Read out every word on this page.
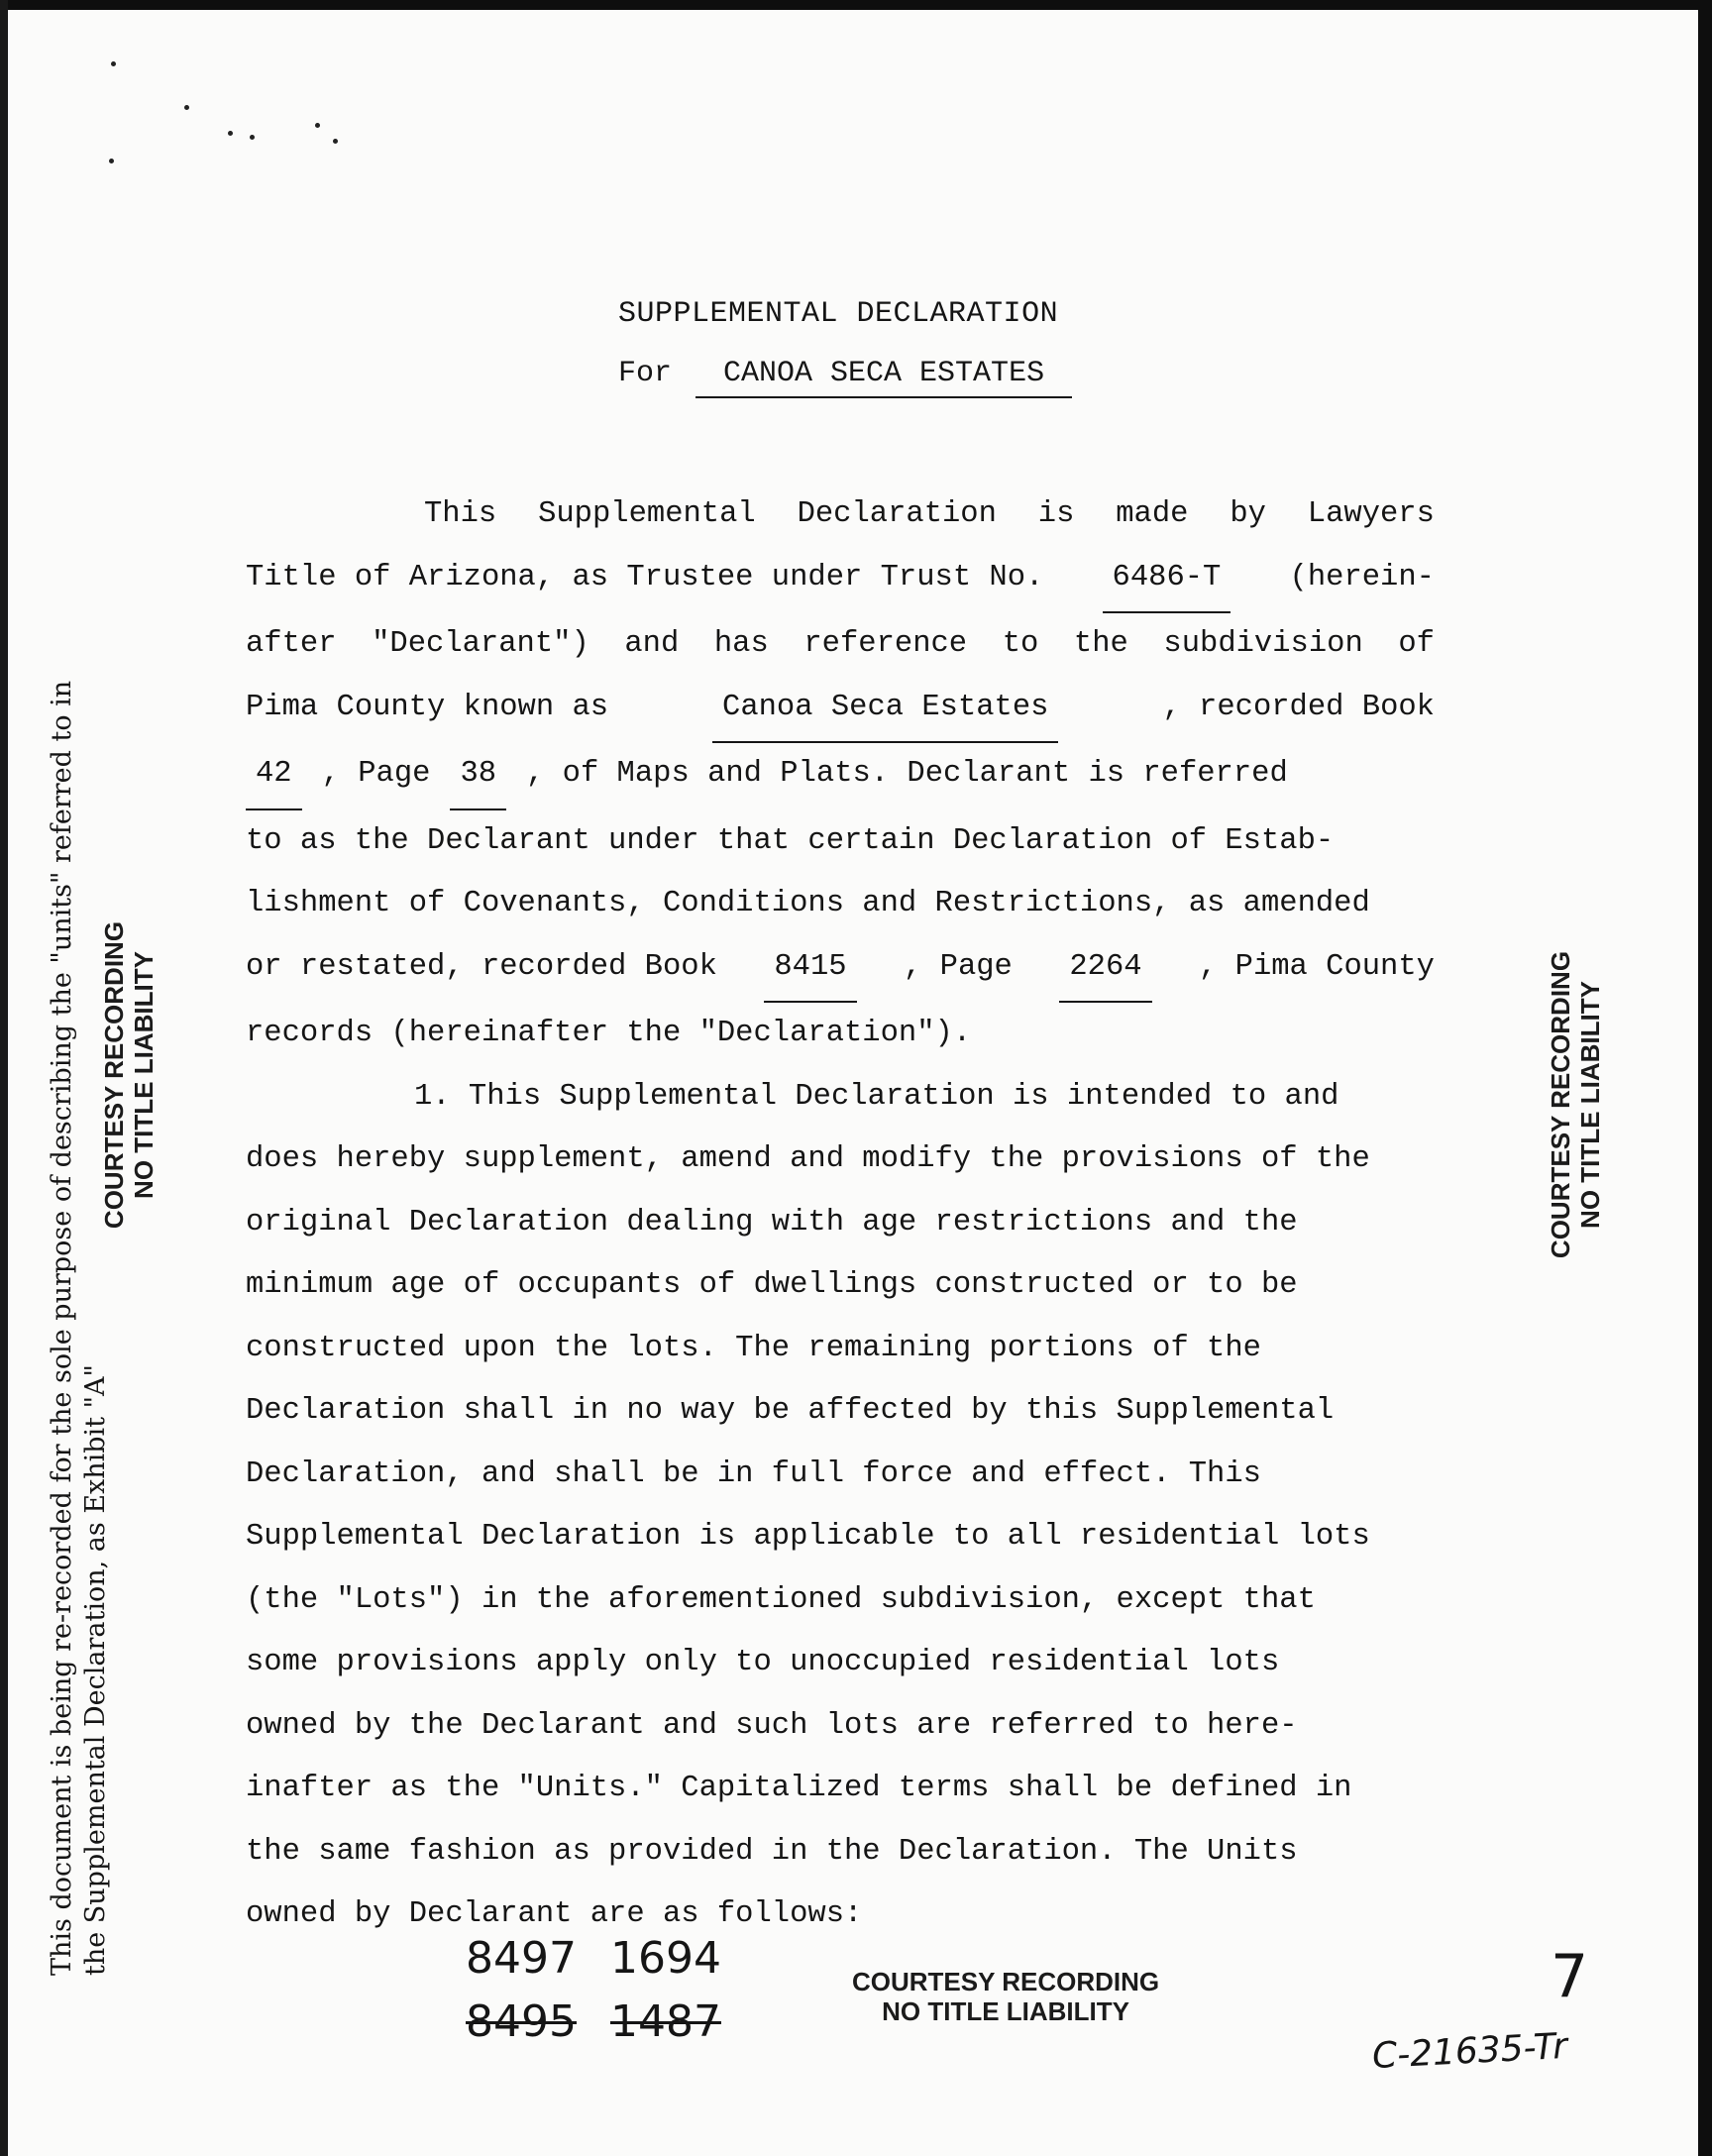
SUPPLEMENTAL DECLARATION
For CANOA SECA ESTATES
This Supplemental Declaration is made by Lawyers
Title of Arizona, as Trustee under Trust No.	6486-T	(herein-
after "Declarant") and has reference to the subdivision of
Pima County known as	Canoa Seca Estates	, recorded Book
42 , Page 38 , of Maps and Plats. Declarant is referred
to as the Declarant under that certain Declaration of Estab-
lishment of Covenants, Conditions and Restrictions, as amended
or restated, recorded Book	8415	, Page	2264	, Pima County
records (hereinafter the "Declaration").
1. This Supplemental Declaration is intended to and
does hereby supplement, amend and modify the provisions of the
original Declaration dealing with age restrictions and the
minimum age of occupants of dwellings constructed or to be
constructed upon the lots. The remaining portions of the
Declaration shall in no way be affected by this Supplemental
Declaration, and shall be in full force and effect. This
Supplemental Declaration is applicable to all residential lots
(the "Lots") in the aforementioned subdivision, except that
some provisions apply only to unoccupied residential lots
owned by the Declarant and such lots are referred to here-
inafter as the "Units." Capitalized terms shall be defined in
the same fashion as provided in the Declaration. The Units
owned by Declarant are as follows:
8497 1694
8495 1487
COURTESY RECORDING
NO TITLE LIABILITY
COURTESY RECORDING NO TITLE LIABILITY
This document is being re-recorded for the sole purpose of describing the "units" referred to in the Supplemental Declaration, as Exhibit "A"
COURTESY RECORDING NO TITLE LIABILITY
7
C-21635-Tr
